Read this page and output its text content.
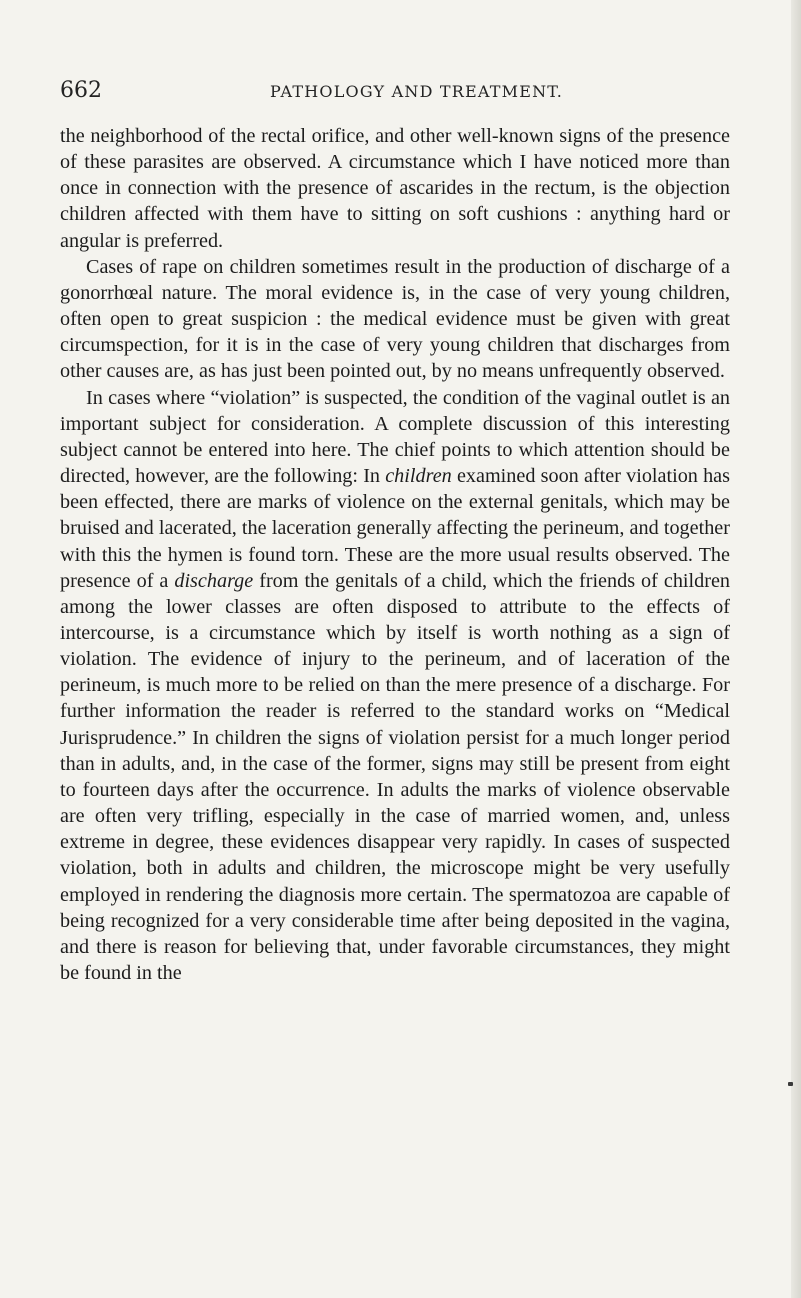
662	PATHOLOGY AND TREATMENT.

the neighborhood of the rectal orifice, and other well-known signs of the presence of these parasites are observed. A circumstance which I have noticed more than once in connection with the presence of ascarides in the rectum, is the objection children affected with them have to sitting on soft cushions : anything hard or angular is preferred.

Cases of rape on children sometimes result in the production of discharge of a gonorrhœal nature. The moral evidence is, in the case of very young children, often open to great suspicion : the medical evidence must be given with great circumspection, for it is in the case of very young children that discharges from other causes are, as has just been pointed out, by no means unfrequently observed.

In cases where “violation” is suspected, the condition of the vaginal outlet is an important subject for consideration. A complete discussion of this interesting subject cannot be entered into here. The chief points to which attention should be directed, however, are the following: In children examined soon after violation has been effected, there are marks of violence on the external genitals, which may be bruised and lacerated, the laceration generally affecting the perineum, and together with this the hymen is found torn. These are the more usual results observed. The presence of a discharge from the genitals of a child, which the friends of children among the lower classes are often disposed to attribute to the effects of intercourse, is a circumstance which by itself is worth nothing as a sign of violation. The evidence of injury to the perineum, and of laceration of the perineum, is much more to be relied on than the mere presence of a discharge. For further information the reader is referred to the standard works on “Medical Jurisprudence.” In children the signs of violation persist for a much longer period than in adults, and, in the case of the former, signs may still be present from eight to fourteen days after the occurrence. In adults the marks of violence observable are often very trifling, especially in the case of married women, and, unless extreme in degree, these evidences disappear very rapidly. In cases of suspected violation, both in adults and children, the microscope might be very usefully employed in rendering the diagnosis more certain. The spermatozoa are capable of being recognized for a very considerable time after being deposited in the vagina, and there is reason for believing that, under favorable circumstances, they might be found in the
